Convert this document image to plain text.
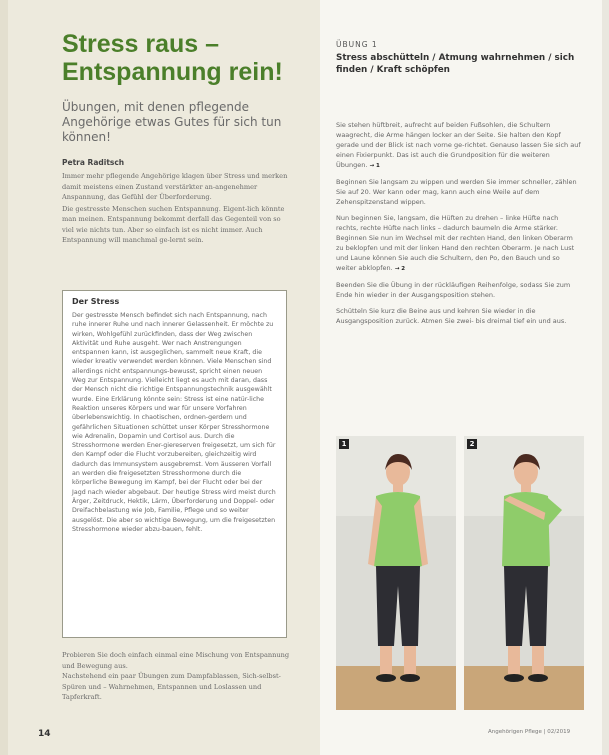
Stress raus – Entspannung rein!
Übungen, mit denen pflegende Angehörige etwas Gutes für sich tun können!
Petra Raditsch

Immer mehr pflegende Angehörige klagen über Stress und merken damit meistens einen Zustand verstärkter an-angenehmer Anspannung, das Gefühl der Überforderung.

Die gestresste Menschen suchen Entspannung. Eigent-lich könnte man meinen. Entspannung bekommt derfall das Gegenteil von so viel wie nichts tun. Aber so einfach ist es nicht immer. Auch Entspannung will manchmal ge-lernt sein.

Der Stress

Der gestresste Mensch befindet sich nach Entspannung, nach ruhe innerer Ruhe und nach innerer Gelassenheit. Er möchte zu wirken, Wohlgefühl zurückfinden, dass der Weg zwischen Aktivität und Ruhe ausgeht. Wer nach Anstrengungen entspannen kann, ist ausgeglichen, sammelt neue Kraft, die wieder kreativ verwendet werden können. Viele Menschen sind allerdings nicht entspannungs-bewusst, spricht einen neuen Weg zur Entspannung. Vielleicht liegt es auch mit daran, dass der Mensch nicht die richtige Entspannungstechnik ausgewählt wurde. Eine Erklärung könnte sein: Stress ist eine natür-liche Reaktion unseres Körpers und war für unsere Vorfahren überlebenswichtig. In chaotischen, ordnen-gerdern und gefährlichen Situationen schüttet unser Körper Stresshormone wie Adrenalin, Dopamin und Cortisol aus. Durch die Stresshormone werden Ener-giereserven freigesetzt, um sich für den Kampf oder die Flucht vorzubereiten, gleichzeitig wird dadurch das Immunsystem ausgebremst. Vom äusseren Vorfall an werden die freigesetzten Stresshormone durch die körperliche Bewegung im Kampf, bei der Flucht oder bei der Jagd nach wieder abgebaut. Der heutige Stress wird meist durch Ärger, Zeitdruck, Hektik, Lärm, Überforderung und Doppel- oder Dreifachbelastung wie Job, Familie, Pflege und so weiter ausgelöst. Die aber so wichtige Bewegung, um die freigesetzten Stresshormone wieder abzu-bauen, fehlt.

Probieren Sie doch einfach einmal eine Mischung von Entspannung und Bewegung aus.

Nachstehend ein paar Übungen zum Dampfablassen, Sich-selbst-Spüren und – Wahrnehmen, Entspannen und Loslassen und Tapferkraft.

14
ÜBUNG 1
Stress abschütteln / Atmung wahrnehmen / sich finden / Kraft schöpfen

Sie stehen hüftbreit, aufrecht auf beiden Fußsohlen, die Schultern waagrecht, die Arme hängen locker an der Seite. Sie halten den Kopf gerade und der Blick ist nach vorne ge-richtet. Genauso lassen Sie sich auf einen Fixierpunkt. Das ist auch die Grundposition für die weiteren Übungen. → 1

Beginnen Sie langsam zu wippen und werden Sie immer schneller, zählen Sie auf 20. Wer kann oder mag, kann auch eine Weile auf dem Zehenspitzenstand wippen.

Nun beginnen Sie, langsam, die Hüften zu drehen – linke Hüfte nach rechts, rechte Hüfte nach links – dadurch baumeln die Arme stärker. Beginnen Sie nun im Wechsel mit der rechten Hand, den linken Oberarm zu beklopfen und mit der linken Hand den rechten Oberarm. Je nach Lust und Laune können Sie auch die Schultern, den Po, den Bauch und so weiter abklopfen. → 2

Beenden Sie die Übung in der rückläufigen Reihenfolge, sodass Sie zum Ende hin wieder in der Ausgangsposition stehen.

Schütteln Sie kurz die Beine aus und kehren Sie wieder in die Ausgangsposition zurück. Atmen Sie zwei- bis dreimal tief ein und aus.

1	2
Angehörigen Pflege | 02/2019
